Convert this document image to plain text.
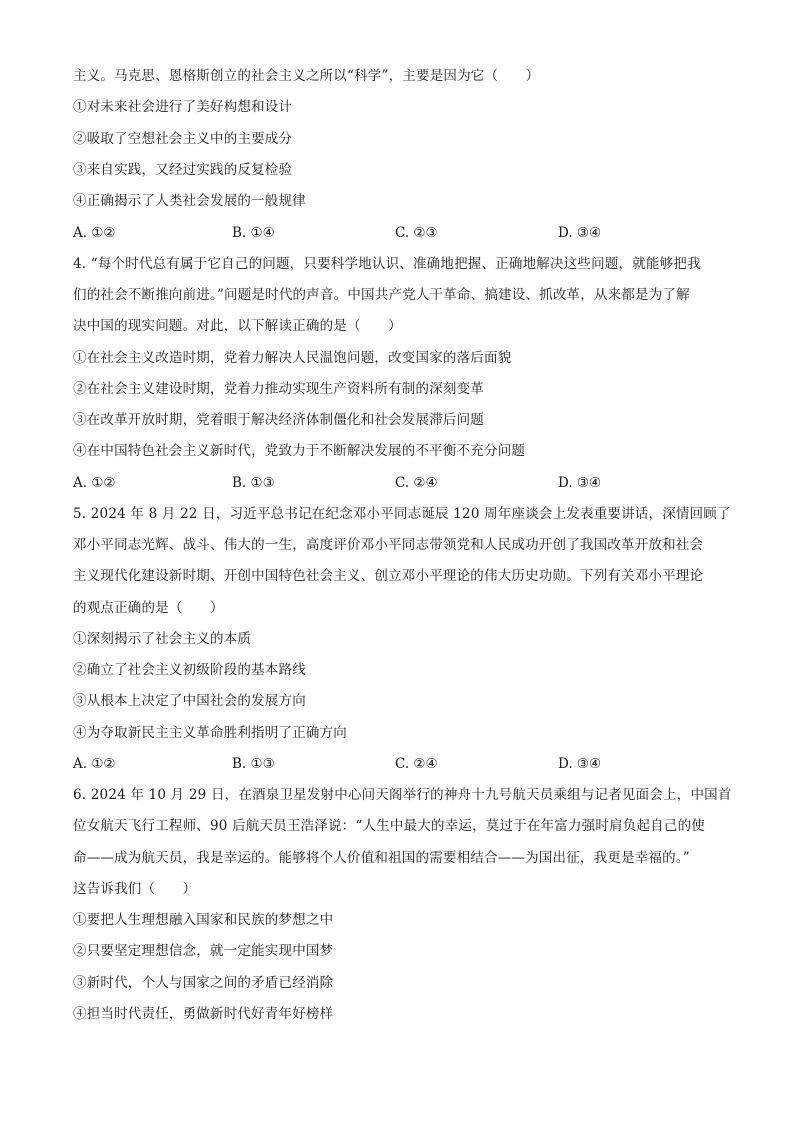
主义。马克思、恩格斯创立的社会主义之所以“科学”，主要是因为它（　　）
①对未来社会进行了美好构想和设计
②吸取了空想社会主义中的主要成分
③来自实践，又经过实践的反复检验
④正确揭示了人类社会发展的一般规律
A. ①②	B. ①④	C. ②③	D. ③④
4. “每个时代总有属于它自己的问题，只要科学地认识、准确地把握、正确地解决这些问题，就能够把我
们的社会不断推向前进。”问题是时代的声音。中国共产党人干革命、搞建设、抓改革，从来都是为了解
决中国的现实问题。对此，以下解读正确的是（　　）
①在社会主义改造时期，党着力解决人民温饱问题，改变国家的落后面貌
②在社会主义建设时期，党着力推动实现生产资料所有制的深刻变革
③在改革开放时期，党着眼于解决经济体制僵化和社会发展滞后问题
④在中国特色社会主义新时代，党致力于不断解决发展的不平衡不充分问题
A. ①②	B. ①③	C. ②④	D. ③④
5. 2024 年 8 月 22 日，习近平总书记在纪念邓小平同志诞辰 120 周年座谈会上发表重要讲话，深情回顾了
邓小平同志光辉、战斗、伟大的一生，高度评价邓小平同志带领党和人民成功开创了我国改革开放和社会
主义现代化建设新时期、开创中国特色社会主义、创立邓小平理论的伟大历史功勋。下列有关邓小平理论
的观点正确的是（　　）
①深刻揭示了社会主义的本质
②确立了社会主义初级阶段的基本路线
③从根本上决定了中国社会的发展方向
④为夺取新民主主义革命胜利指明了正确方向
A. ①②	B. ①③	C. ②④	D. ③④
6. 2024 年 10 月 29 日，在酒泉卫星发射中心问天阁举行的神舟十九号航天员乘组与记者见面会上，中国首
位女航天飞行工程师、90 后航天员王浩泽说：“人生中最大的幸运，莫过于在年富力强时肩负起自己的使
命——成为航天员，我是幸运的。能够将个人价值和祖国的需要相结合——为国出征，我更是幸福的。”
这告诉我们（　　）
①要把人生理想融入国家和民族的梦想之中
②只要坚定理想信念，就一定能实现中国梦
③新时代，个人与国家之间的矛盾已经消除
④担当时代责任，勇做新时代好青年好榜样
